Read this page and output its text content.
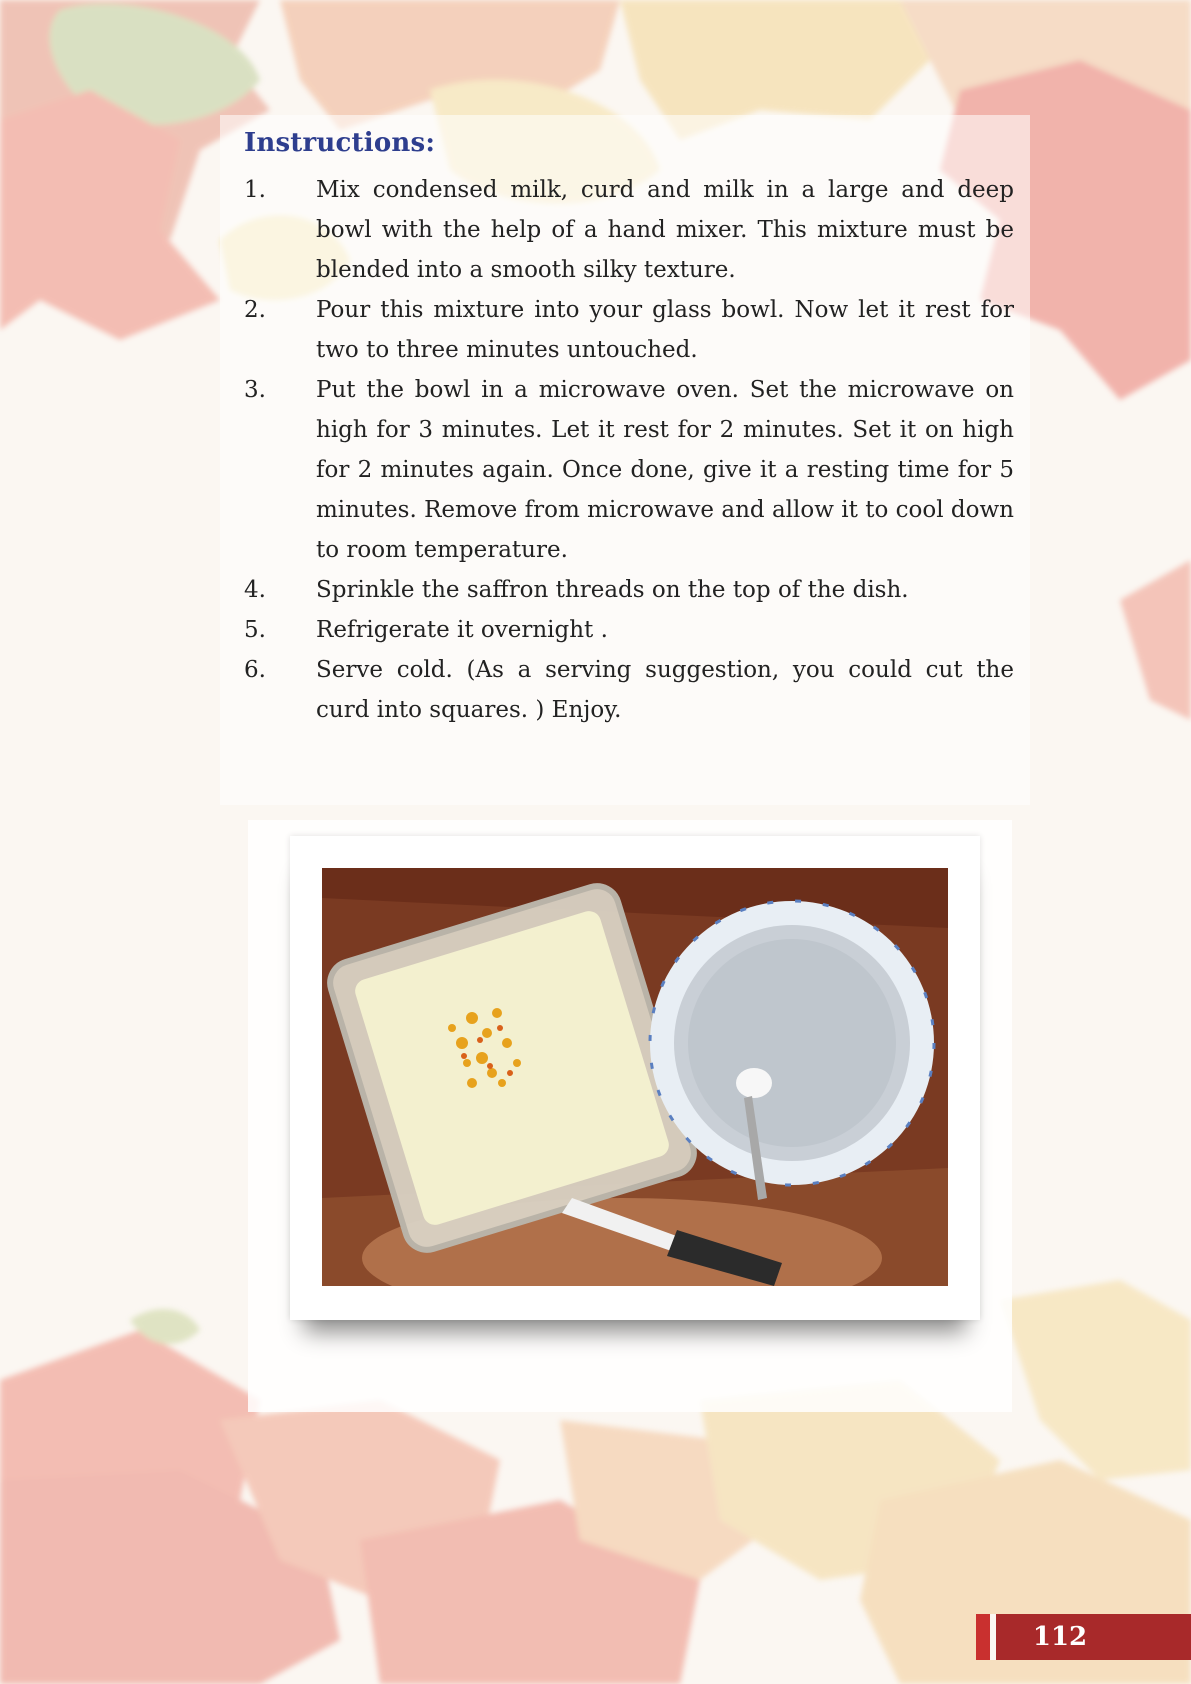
Instructions:
1.	Mix condensed milk, curd and milk in a large and deep bowl with the help of a hand mixer. This mixture must be blended into a smooth silky texture.
2.	Pour this mixture into your glass bowl. Now let it rest for two to three minutes untouched.
3.	Put the bowl in a microwave oven. Set the microwave on high for 3 minutes. Let it rest for 2 minutes. Set it on high for 2 minutes again. Once done, give it a resting time for 5 minutes. Remove from microwave and allow it to cool down to room temperature.
4.	Sprinkle the saffron threads on the top of the dish.
5.	Refrigerate it overnight .
6.	Serve cold. (As a serving suggestion, you could cut the curd into squares. ) Enjoy.
112
